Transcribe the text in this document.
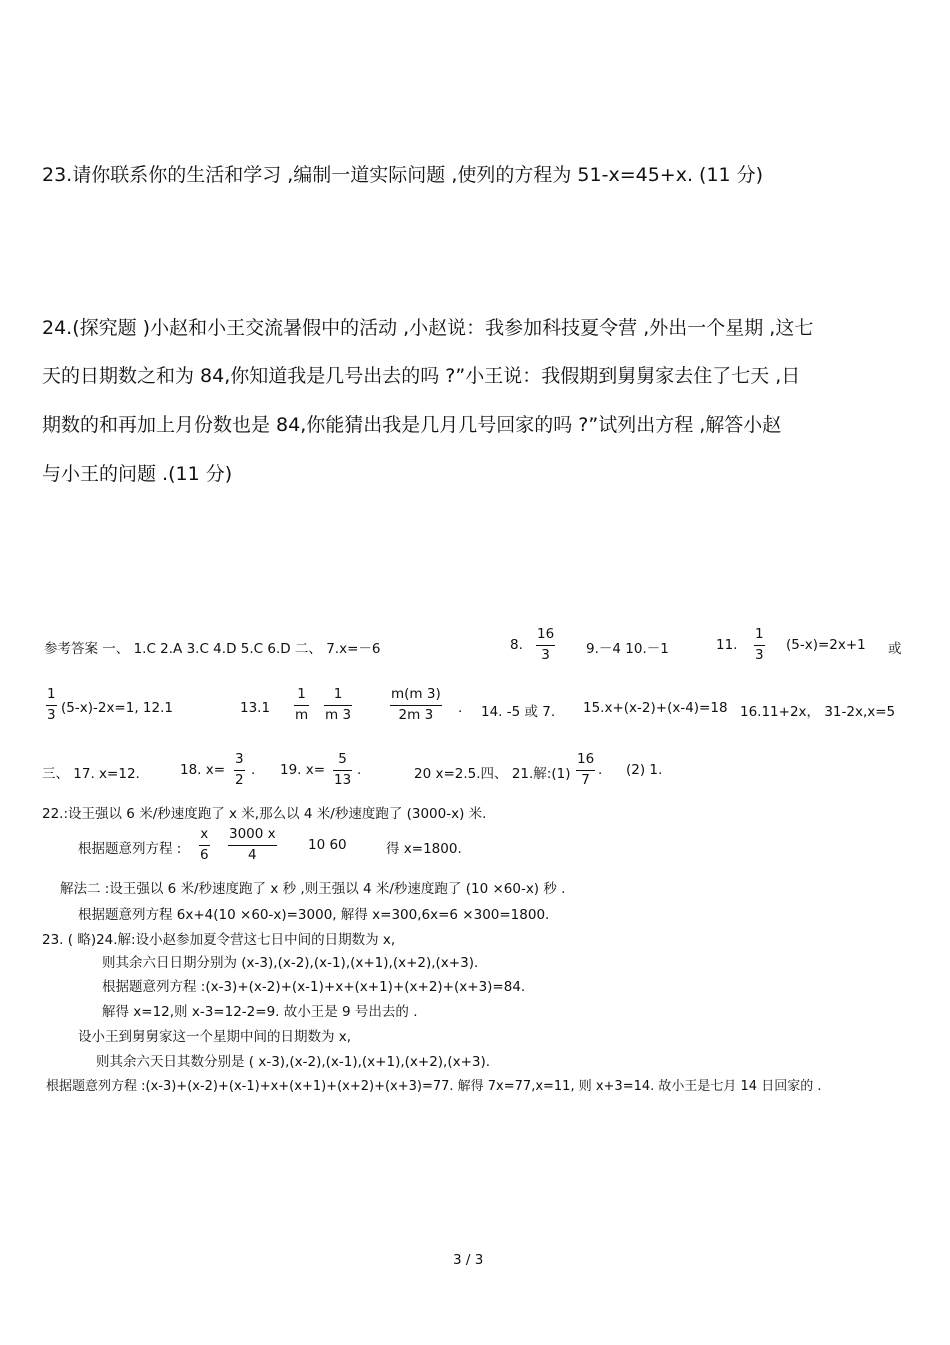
23.请你联系你的生活和学习 ,编制一道实际问题 ,使列的方程为 51-x=45+x. (11 分)
24.(探究题 )小赵和小王交流暑假中的活动 ,小赵说：我参加科技夏令营 ,外出一个星期 ,这七
天的日期数之和为 84,你知道我是几号出去的吗 ?”小王说：我假期到舅舅家去住了七天 ,日
期数的和再加上月份数也是 84,你能猜出我是几月几号回家的吗 ?”试列出方程 ,解答小赵
与小王的问题 .(11 分)
参考答案 一、 1.C 2.A 3.C 4.D 5.C 6.D 二、 7.x=－6	8.
16
3	9.－4 10.－1	11.
1
3
(5-x)=2x+1 或
1
3 (5-x)-2x=1, 12.1	13.1
1
m
1
m 3
m(m 3)
2m 3 . 14. -5 或 7. 15.x+(x-2)+(x-4)=18 16.11+2x， 31-2x,x=5
三、 17. x=12.	18. x=
3
2
. 19. x=
5
13
.	20 x=2.5.四、 21.解:(1)
16
7
. (2) 1.
22.:设王强以 6 米/秒速度跑了 x 米,那么以 4 米/秒速度跑了 (3000-x) 米.
根据题意列方程 :
x
6
3000 x
4
10 60	得 x=1800.
解法二 :设王强以 6 米/秒速度跑了 x 秒 ,则王强以 4 米/秒速度跑了 (10 ×60-x) 秒 .
根据题意列方程 6x+4(10 ×60-x)=3000, 解得 x=300,6x=6 ×300=1800.
23. ( 略)24.解:设小赵参加夏令营这七日中间的日期数为 x,
则其余六日日期分别为 (x-3),(x-2),(x-1),(x+1),(x+2),(x+3).
根据题意列方程 :(x-3)+(x-2)+(x-1)+x+(x+1)+(x+2)+(x+3)=84.
解得 x=12,则 x-3=12-2=9. 故小王是 9 号出去的 .
设小王到舅舅家这一个星期中间的日期数为 x,
则其余六天日其数分别是 ( x-3),(x-2),(x-1),(x+1),(x+2),(x+3).
根据题意列方程 :(x-3)+(x-2)+(x-1)+x+(x+1)+(x+2)+(x+3)=77. 解得 7x=77,x=11, 则 x+3=14. 故小王是七月 14 日回家的 .
3 / 3
